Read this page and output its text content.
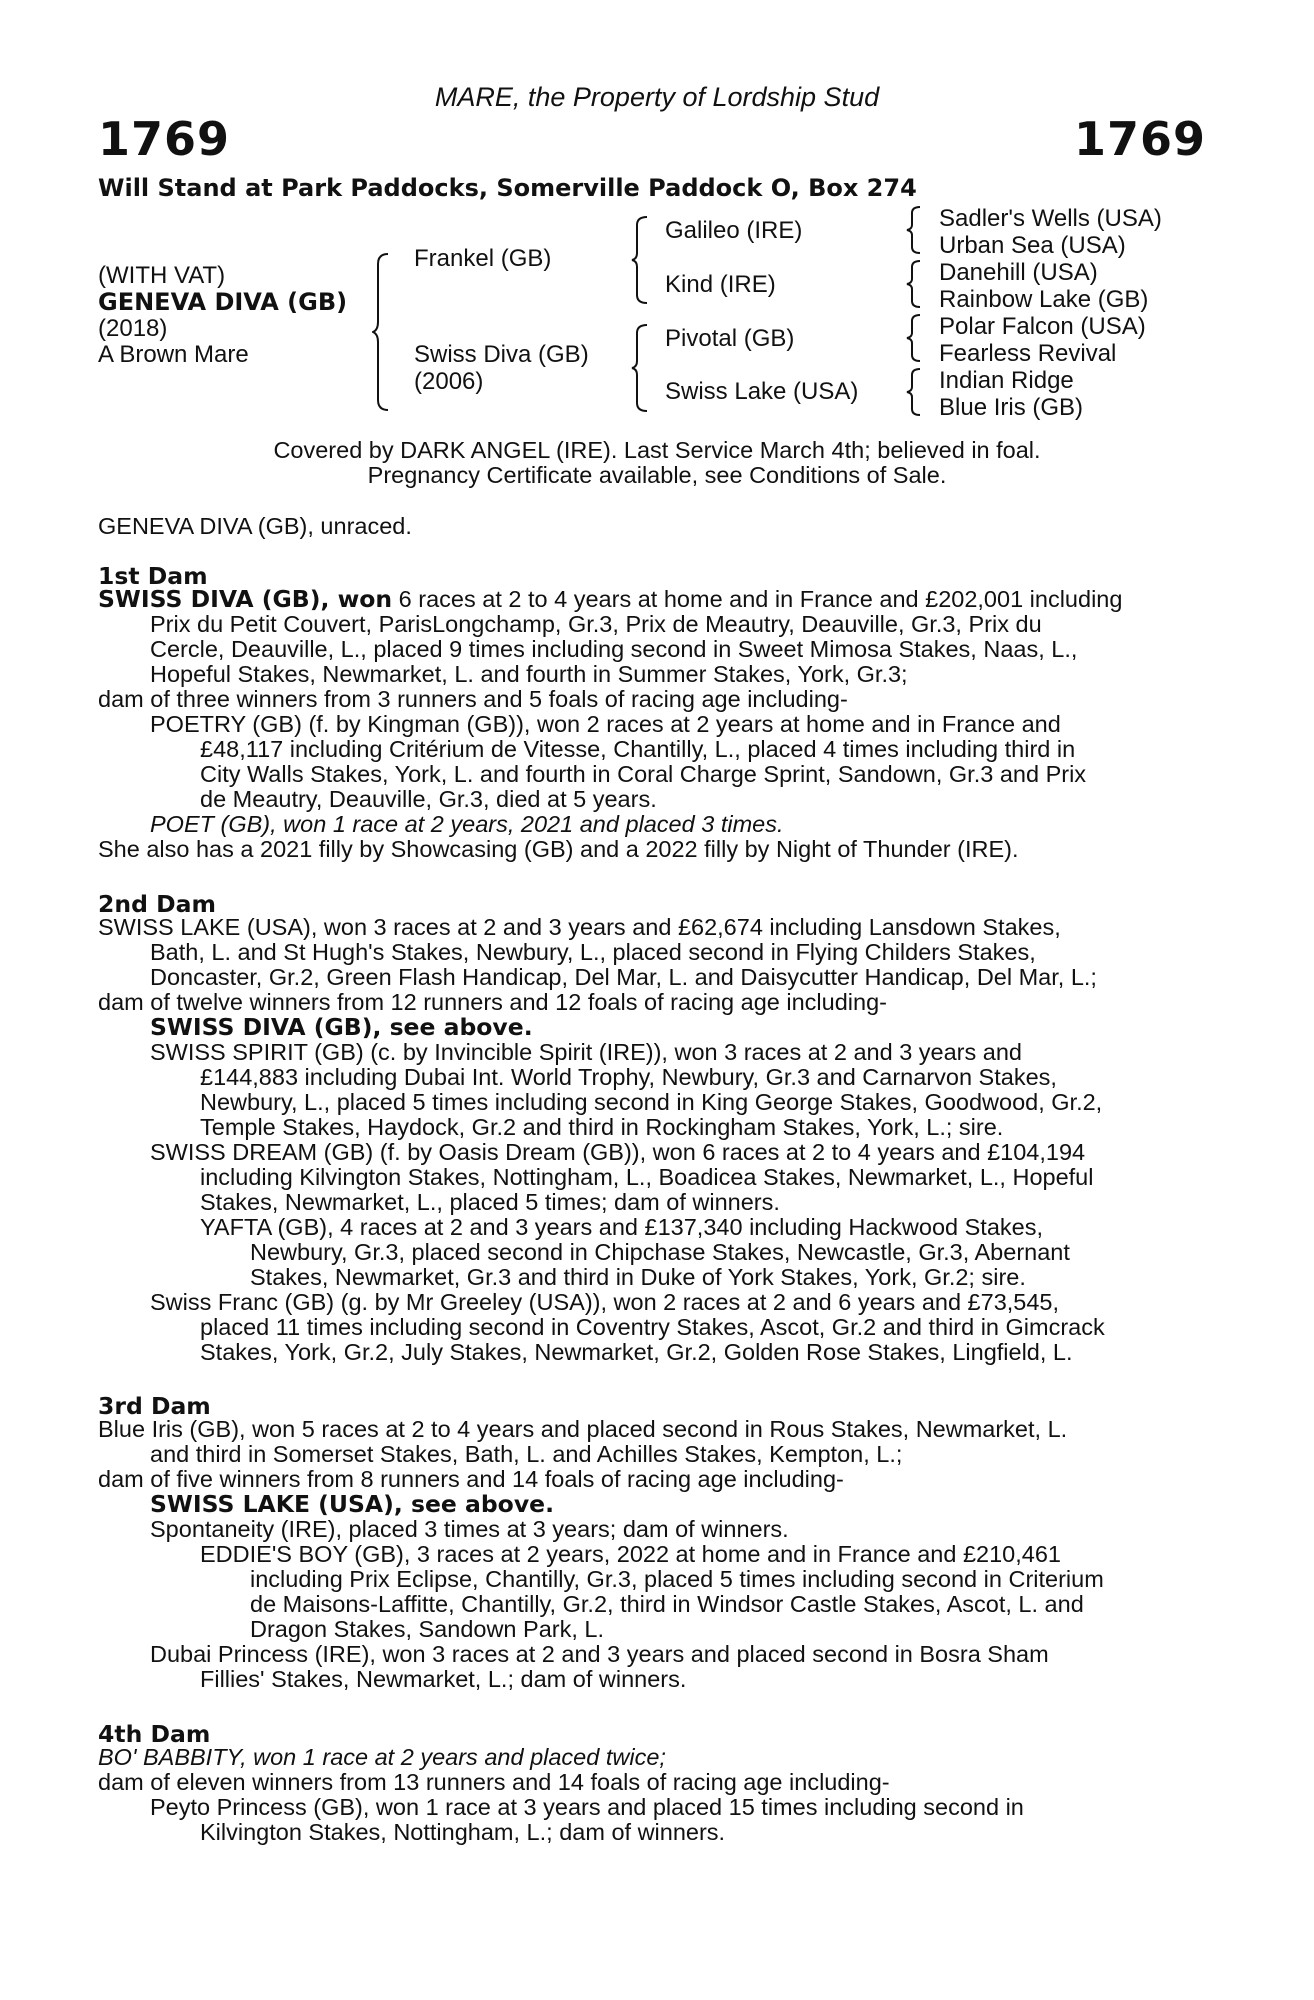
MARE, the Property of Lordship Stud
1769	1769
Will Stand at Park Paddocks, Somerville Paddock O, Box 274
(WITH VAT)
GENEVA DIVA (GB)
(2018)
A Brown Mare
Frankel (GB)
Swiss Diva (GB)
(2006)
Galileo (IRE)
Kind (IRE)
Pivotal (GB)
Swiss Lake (USA)
Sadler's Wells (USA)
Urban Sea (USA)
Danehill (USA)
Rainbow Lake (GB)
Polar Falcon (USA)
Fearless Revival
Indian Ridge
Blue Iris (GB)
Covered by DARK ANGEL (IRE). Last Service March 4th; believed in foal.
Pregnancy Certificate available, see Conditions of Sale.
GENEVA DIVA (GB), unraced.
1st Dam
SWISS DIVA (GB), won 6 races at 2 to 4 years at home and in France and £202,001 including
Prix du Petit Couvert, ParisLongchamp, Gr.3, Prix de Meautry, Deauville, Gr.3, Prix du
Cercle, Deauville, L., placed 9 times including second in Sweet Mimosa Stakes, Naas, L.,
Hopeful Stakes, Newmarket, L. and fourth in Summer Stakes, York, Gr.3;
dam of three winners from 3 runners and 5 foals of racing age including-
POETRY (GB) (f. by Kingman (GB)), won 2 races at 2 years at home and in France and
£48,117 including Critérium de Vitesse, Chantilly, L., placed 4 times including third in
City Walls Stakes, York, L. and fourth in Coral Charge Sprint, Sandown, Gr.3 and Prix
de Meautry, Deauville, Gr.3, died at 5 years.
POET (GB), won 1 race at 2 years, 2021 and placed 3 times.
She also has a 2021 filly by Showcasing (GB) and a 2022 filly by Night of Thunder (IRE).
2nd Dam
SWISS LAKE (USA), won 3 races at 2 and 3 years and £62,674 including Lansdown Stakes,
Bath, L. and St Hugh's Stakes, Newbury, L., placed second in Flying Childers Stakes,
Doncaster, Gr.2, Green Flash Handicap, Del Mar, L. and Daisycutter Handicap, Del Mar, L.;
dam of twelve winners from 12 runners and 12 foals of racing age including-
SWISS DIVA (GB), see above.
SWISS SPIRIT (GB) (c. by Invincible Spirit (IRE)), won 3 races at 2 and 3 years and
£144,883 including Dubai Int. World Trophy, Newbury, Gr.3 and Carnarvon Stakes,
Newbury, L., placed 5 times including second in King George Stakes, Goodwood, Gr.2,
Temple Stakes, Haydock, Gr.2 and third in Rockingham Stakes, York, L.; sire.
SWISS DREAM (GB) (f. by Oasis Dream (GB)), won 6 races at 2 to 4 years and £104,194
including Kilvington Stakes, Nottingham, L., Boadicea Stakes, Newmarket, L., Hopeful
Stakes, Newmarket, L., placed 5 times; dam of winners.
YAFTA (GB), 4 races at 2 and 3 years and £137,340 including Hackwood Stakes,
Newbury, Gr.3, placed second in Chipchase Stakes, Newcastle, Gr.3, Abernant
Stakes, Newmarket, Gr.3 and third in Duke of York Stakes, York, Gr.2; sire.
Swiss Franc (GB) (g. by Mr Greeley (USA)), won 2 races at 2 and 6 years and £73,545,
placed 11 times including second in Coventry Stakes, Ascot, Gr.2 and third in Gimcrack
Stakes, York, Gr.2, July Stakes, Newmarket, Gr.2, Golden Rose Stakes, Lingfield, L.
3rd Dam
Blue Iris (GB), won 5 races at 2 to 4 years and placed second in Rous Stakes, Newmarket, L.
and third in Somerset Stakes, Bath, L. and Achilles Stakes, Kempton, L.;
dam of five winners from 8 runners and 14 foals of racing age including-
SWISS LAKE (USA), see above.
Spontaneity (IRE), placed 3 times at 3 years; dam of winners.
EDDIE'S BOY (GB), 3 races at 2 years, 2022 at home and in France and £210,461
including Prix Eclipse, Chantilly, Gr.3, placed 5 times including second in Criterium
de Maisons-Laffitte, Chantilly, Gr.2, third in Windsor Castle Stakes, Ascot, L. and
Dragon Stakes, Sandown Park, L.
Dubai Princess (IRE), won 3 races at 2 and 3 years and placed second in Bosra Sham
Fillies' Stakes, Newmarket, L.; dam of winners.
4th Dam
BO' BABBITY, won 1 race at 2 years and placed twice;
dam of eleven winners from 13 runners and 14 foals of racing age including-
Peyto Princess (GB), won 1 race at 3 years and placed 15 times including second in
Kilvington Stakes, Nottingham, L.; dam of winners.
